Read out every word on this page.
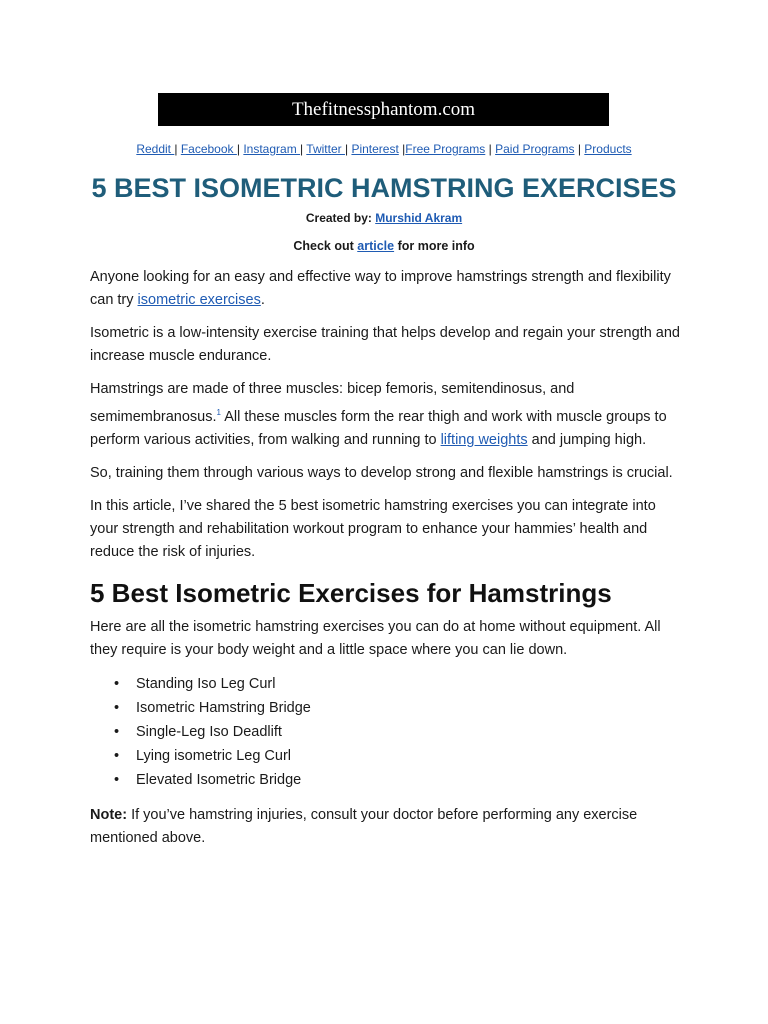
Thefitnessphantom.com
Reddit | Facebook | Instagram | Twitter | Pinterest |Free Programs | Paid Programs | Products
5 BEST ISOMETRIC HAMSTRING EXERCISES
Created by: Murshid Akram
Check out article for more info

Anyone looking for an easy and effective way to improve hamstrings strength and flexibility can try isometric exercises.

Isometric is a low-intensity exercise training that helps develop and regain your strength and increase muscle endurance.

Hamstrings are made of three muscles: bicep femoris, semitendinosus, and semimembranosus.$^1$ All these muscles form the rear thigh and work with muscle groups to perform various activities, from walking and running to lifting weights and jumping high.

So, training them through various ways to develop strong and flexible hamstrings is crucial.

In this article, I’ve shared the 5 best isometric hamstring exercises you can integrate into your strength and rehabilitation workout program to enhance your hammies’ health and reduce the risk of injuries.

5 Best Isometric Exercises for Hamstrings

Here are all the isometric hamstring exercises you can do at home without equipment. All they require is your body weight and a little space where you can lie down.

• Standing Iso Leg Curl
• Isometric Hamstring Bridge
• Single-Leg Iso Deadlift
• Lying isometric Leg Curl
• Elevated Isometric Bridge

Note: If you’ve hamstring injuries, consult your doctor before performing any exercise mentioned above.
